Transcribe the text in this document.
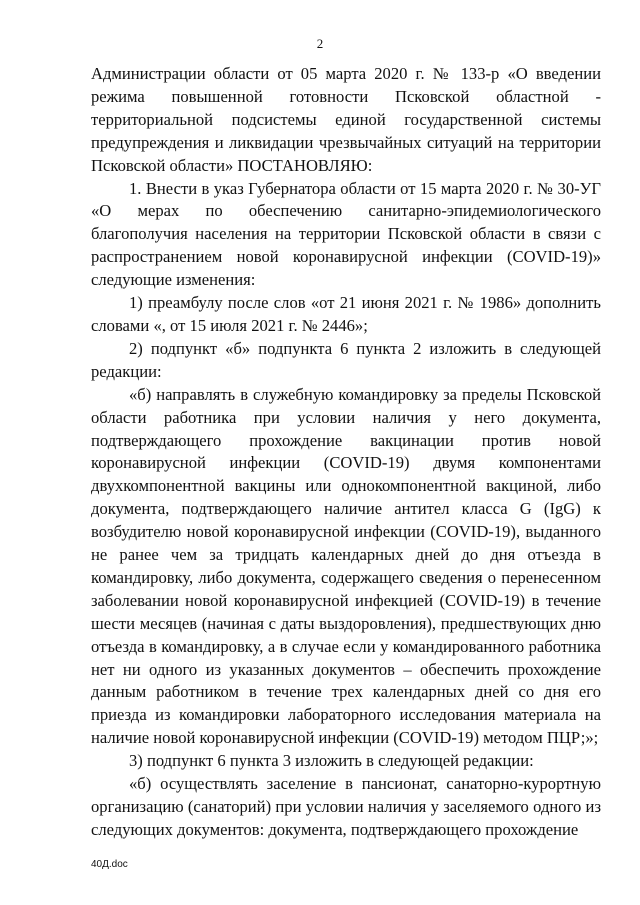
2

Администрации области от 05 марта 2020 г. № 133-р «О введении режима повышенной готовности Псковской областной - территориальной подсистемы единой государственной системы предупреждения и ликвидации чрезвычайных ситуаций на территории Псковской области» ПОСТАНОВЛЯЮ:

1. Внести в указ Губернатора области от 15 марта 2020 г. № 30-УГ «О мерах по обеспечению санитарно-эпидемиологического благополучия населения на территории Псковской области в связи с распространением новой коронавирусной инфекции (COVID-19)» следующие изменения:

1) преамбулу после слов «от 21 июня 2021 г. № 1986» дополнить словами «, от 15 июля 2021 г. № 2446»;

2) подпункт «б» подпункта 6 пункта 2 изложить в следующей редакции:

«б) направлять в служебную командировку за пределы Псковской области работника при условии наличия у него документа, подтверждающего прохождение вакцинации против новой коронавирусной инфекции (COVID-19) двумя компонентами двухкомпонентной вакцины или однокомпонентной вакциной, либо документа, подтверждающего наличие антител класса G (IgG) к возбудителю новой коронавирусной инфекции (COVID-19), выданного не ранее чем за тридцать календарных дней до дня отъезда в командировку, либо документа, содержащего сведения о перенесенном заболевании новой коронавирусной инфекцией (COVID-19) в течение шести месяцев (начиная с даты выздоровления), предшествующих дню отъезда в командировку, а в случае если у командированного работника нет ни одного из указанных документов – обеспечить прохождение данным работником в течение трех календарных дней со дня его приезда из командировки лабораторного исследования материала на наличие новой коронавирусной инфекции (COVID-19) методом ПЦР;»;

3) подпункт 6 пункта 3 изложить в следующей редакции:

«б) осуществлять заселение в пансионат, санаторно-курортную организацию (санаторий) при условии наличия у заселяемого одного из следующих документов: документа, подтверждающего прохождение

40Д.doc
